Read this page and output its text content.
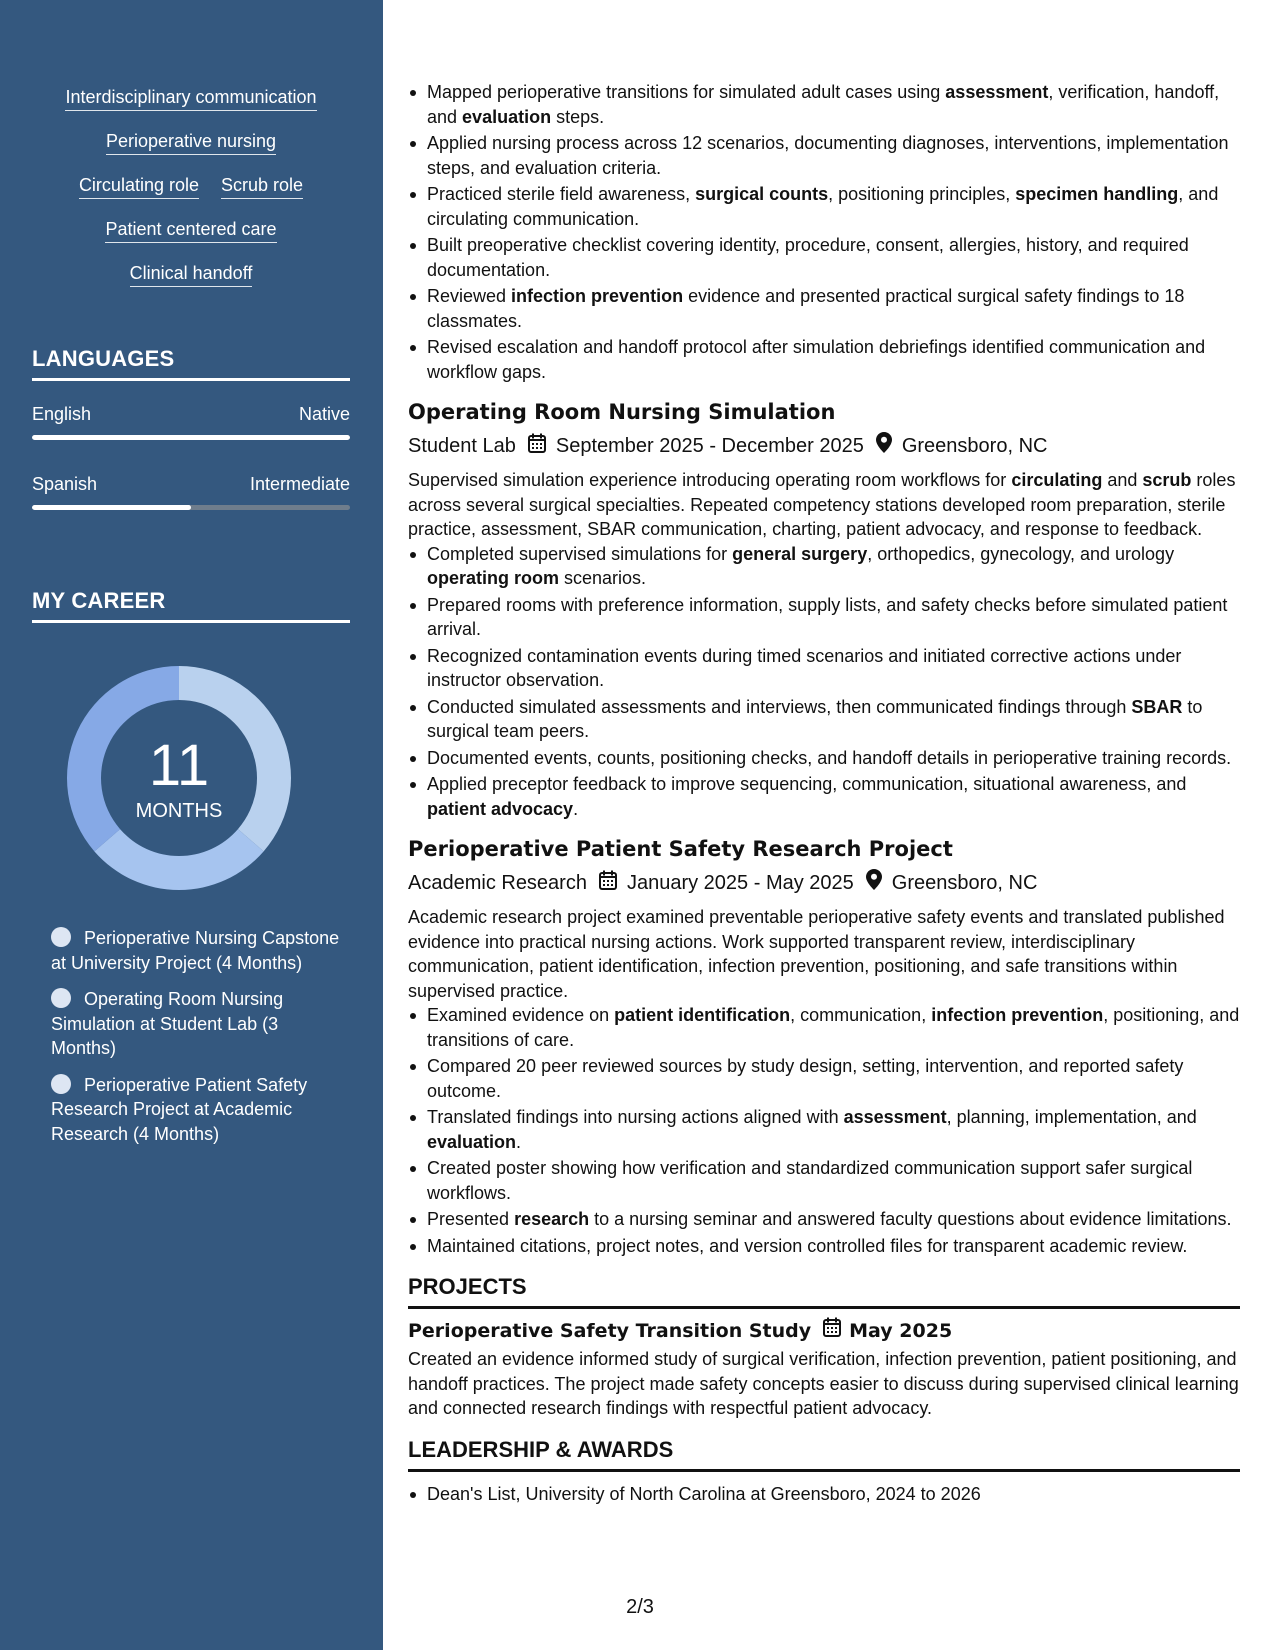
Interdisciplinary communication
Perioperative nursing
Circulating role Scrub role
Patient centered care
Clinical handoff
LANGUAGES
English	Native
Spanish	Intermediate
MY CAREER
11
MONTHS
Perioperative Nursing Capstone at University Project (4 Months)
Operating Room Nursing Simulation at Student Lab (3 Months)
Perioperative Patient Safety Research Project at Academic Research (4 Months)
Mapped perioperative transitions for simulated adult cases using assessment, verification, handoff, and evaluation steps.
Applied nursing process across 12 scenarios, documenting diagnoses, interventions, implementation steps, and evaluation criteria.
Practiced sterile field awareness, surgical counts, positioning principles, specimen handling, and circulating communication.
Built preoperative checklist covering identity, procedure, consent, allergies, history, and required documentation.
Reviewed infection prevention evidence and presented practical surgical safety findings to 18 classmates.
Revised escalation and handoff protocol after simulation debriefings identified communication and workflow gaps.
Operating Room Nursing Simulation
Student Lab September 2025 - December 2025 Greensboro, NC
Supervised simulation experience introducing operating room workflows for circulating and scrub roles across several surgical specialties. Repeated competency stations developed room preparation, sterile practice, assessment, SBAR communication, charting, patient advocacy, and response to feedback.
Completed supervised simulations for general surgery, orthopedics, gynecology, and urology operating room scenarios.
Prepared rooms with preference information, supply lists, and safety checks before simulated patient arrival.
Recognized contamination events during timed scenarios and initiated corrective actions under instructor observation.
Conducted simulated assessments and interviews, then communicated findings through SBAR to surgical team peers.
Documented events, counts, positioning checks, and handoff details in perioperative training records.
Applied preceptor feedback to improve sequencing, communication, situational awareness, and patient advocacy.
Perioperative Patient Safety Research Project
Academic Research January 2025 - May 2025 Greensboro, NC
Academic research project examined preventable perioperative safety events and translated published evidence into practical nursing actions. Work supported transparent review, interdisciplinary communication, patient identification, infection prevention, positioning, and safe transitions within supervised practice.
Examined evidence on patient identification, communication, infection prevention, positioning, and transitions of care.
Compared 20 peer reviewed sources by study design, setting, intervention, and reported safety outcome.
Translated findings into nursing actions aligned with assessment, planning, implementation, and evaluation.
Created poster showing how verification and standardized communication support safer surgical workflows.
Presented research to a nursing seminar and answered faculty questions about evidence limitations.
Maintained citations, project notes, and version controlled files for transparent academic review.
PROJECTS
Perioperative Safety Transition Study May 2025
Created an evidence informed study of surgical verification, infection prevention, patient positioning, and handoff practices. The project made safety concepts easier to discuss during supervised clinical learning and connected research findings with respectful patient advocacy.
LEADERSHIP & AWARDS
Dean's List, University of North Carolina at Greensboro, 2024 to 2026
2/3
